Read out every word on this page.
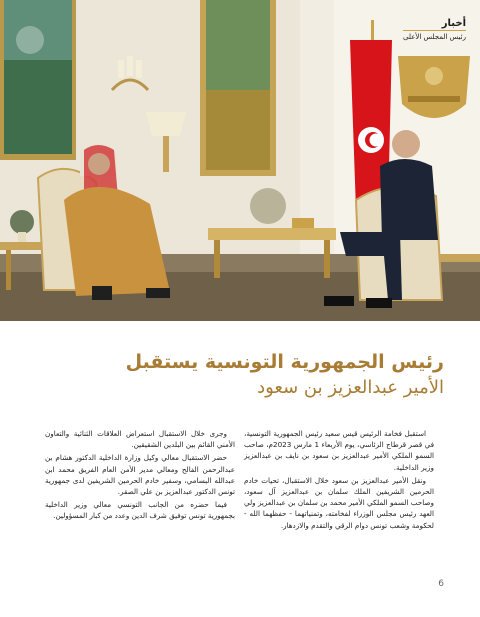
أخبار
رئيس المجلس الأعلى
رئيس الجمهورية التونسية يستقبل
الأمير عبدالعزيز بن سعود

استقبل فخامة الرئيس قيس سعيد رئيس الجمهورية التونسية، في قصر قرطاج الرئاسي، يوم الأربعاء 1 مارس 2023م، صاحب السمو الملكي الأمير عبدالعزيز بن سعود بن نايف بن عبدالعزيز وزير الداخلية.

ونقل الأمير عبدالعزيز بن سعود خلال الاستقبال، تحيات خادم الحرمين الشريفين الملك سلمان بن عبدالعزيز آل سعود، وصاحب السمو الملكي الأمير محمد بن سلمان بن عبدالعزيز ولي العهد رئيس مجلس الوزراء لفخامته، وتمنياتهما - حفظهما الله - لحكومة وشعب تونس دوام الرقي والتقدم والازدهار.

وجرى خلال الاستقبال استعراض العلاقات الثنائية والتعاون الأمني القائم بين البلدين الشقيقين.

حضر الاستقبال معالي وكيل وزارة الداخلية الدكتور هشام بن عبدالرحمن الفالح ومعالي مدير الأمن العام الفريق محمد ابن عبدالله البسامي، وسفير خادم الحرمين الشريفين لدى جمهورية تونس الدكتور عبدالعزيز بن علي الصقر.

فيما حضره من الجانب التونسي معالي وزير الداخلية بجمهورية تونس توفيق شرف الدين وعدد من كبار المسؤولين.

6
